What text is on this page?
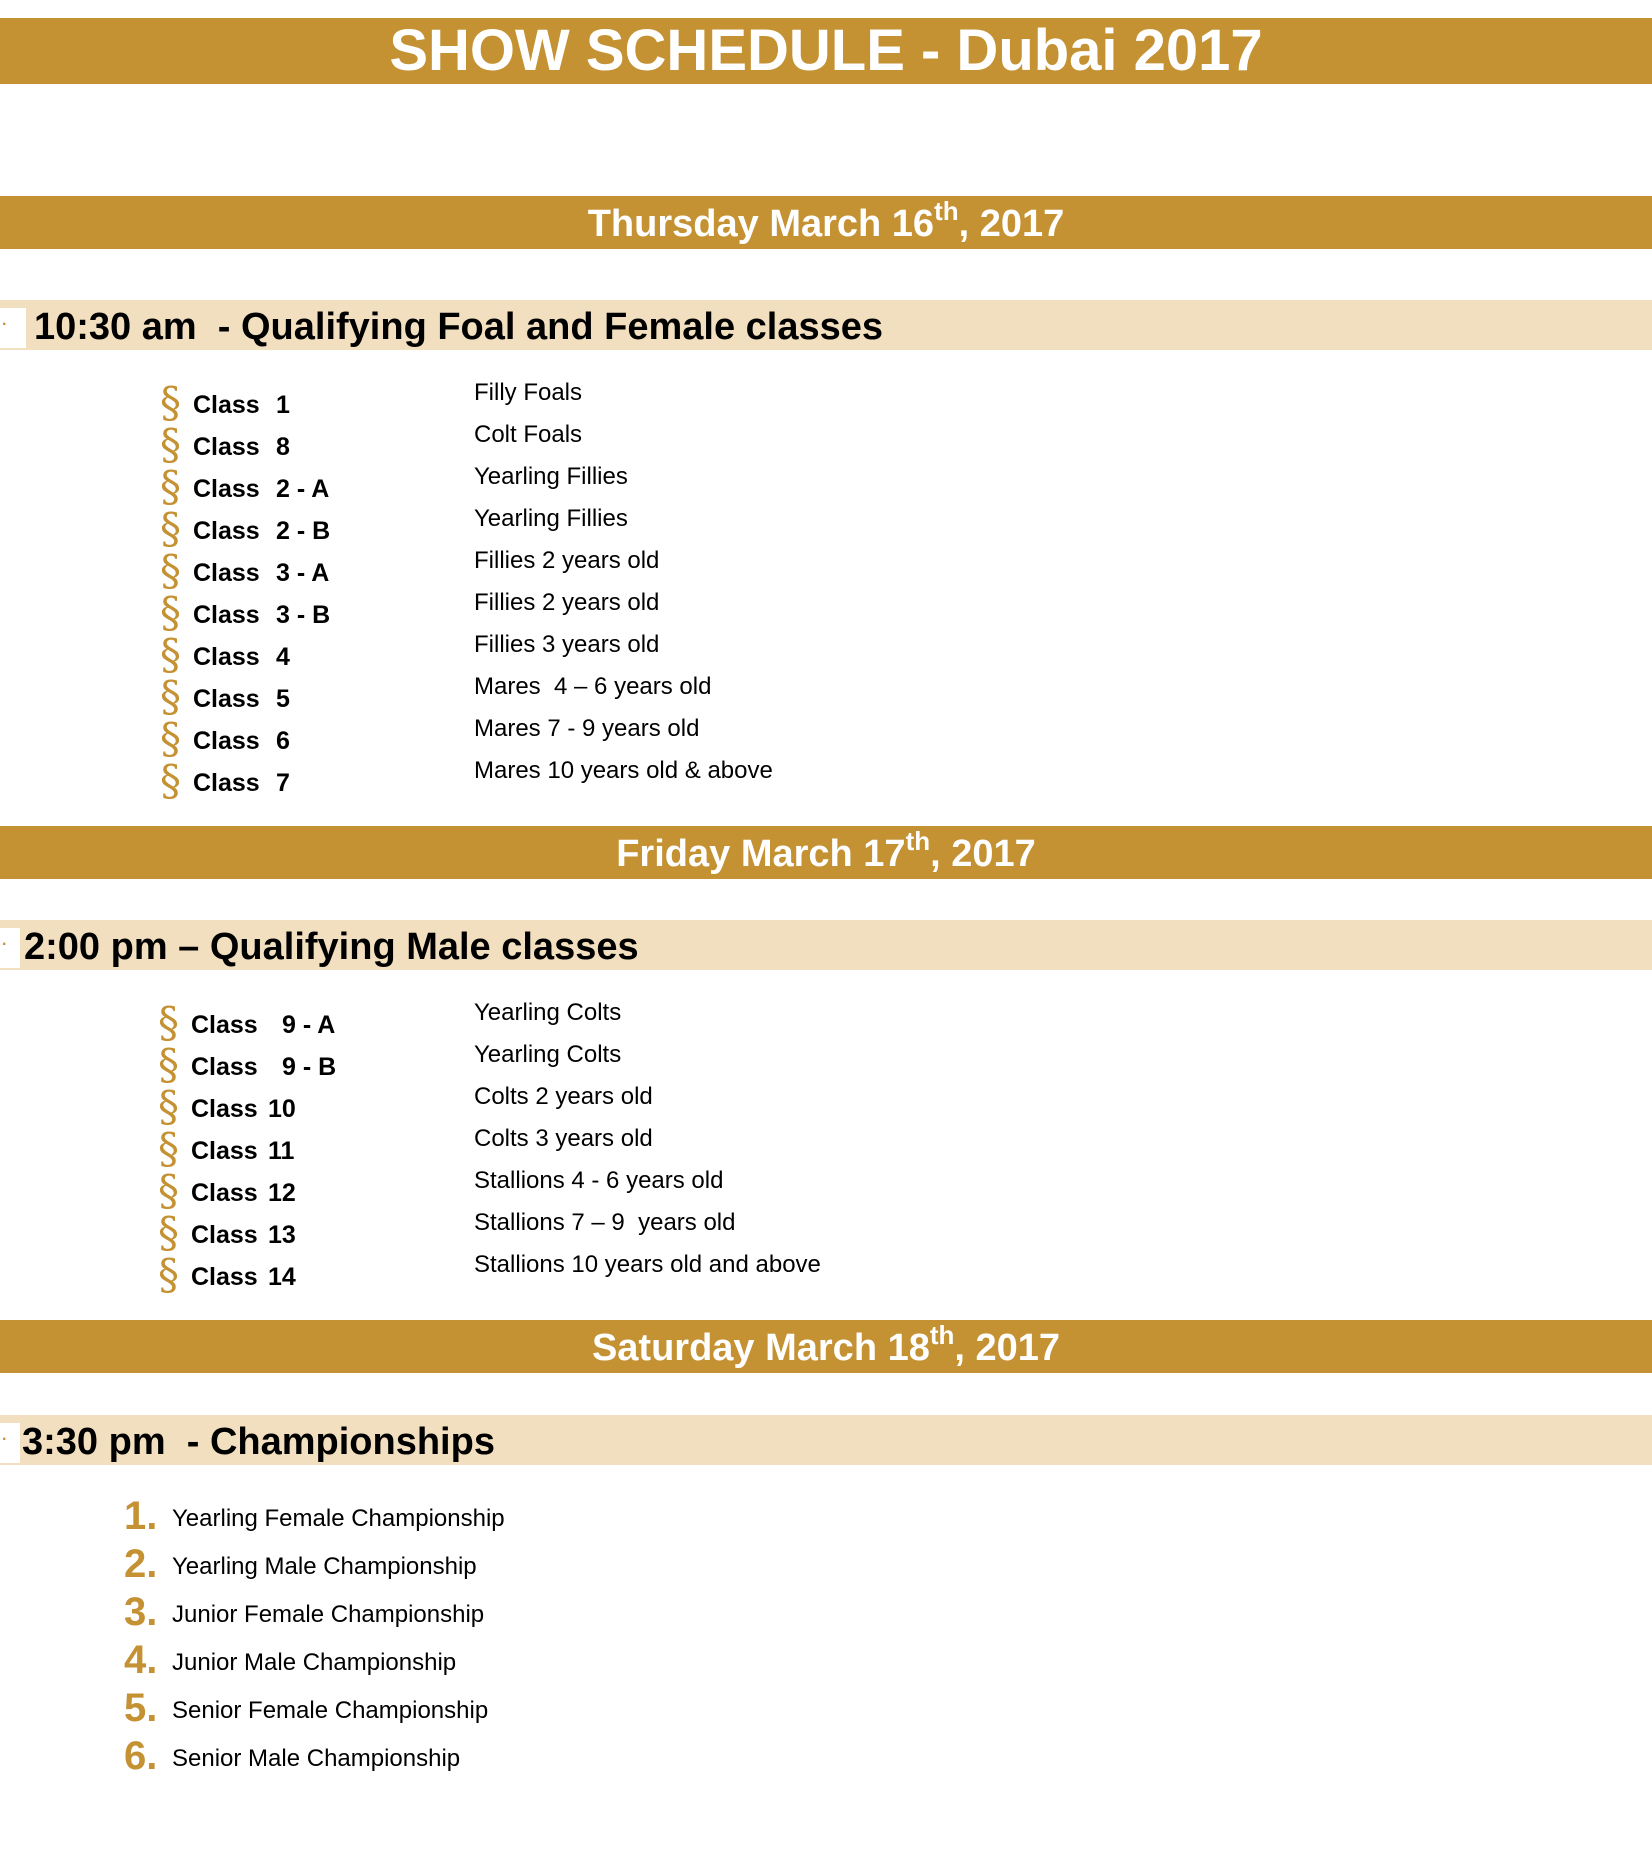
SHOW SCHEDULE - Dubai 2017
Thursday March 16th, 2017
· 10:30 am  - Qualifying Foal and Female classes
§ Class 1	Filly Foals
§ Class 8	Colt Foals
§ Class 2 - A	Yearling Fillies
§ Class 2 - B	Yearling Fillies
§ Class 3 - A	Fillies 2 years old
§ Class 3 - B	Fillies 2 years old
§ Class 4	Fillies 3 years old
§ Class 5	Mares  4 – 6 years old
§ Class 6	Mares 7 - 9 years old
§ Class 7	Mares 10 years old & above
Friday March 17th, 2017
· 2:00 pm – Qualifying Male classes
§ Class 9 - A	Yearling Colts
§ Class 9 - B	Yearling Colts
§ Class 10	Colts 2 years old
§ Class 11	Colts 3 years old
§ Class 12	Stallions 4 - 6 years old
§ Class 13	Stallions 7 – 9  years old
§ Class 14	Stallions 10 years old and above
Saturday March 18th, 2017
· 3:30 pm  - Championships
1. Yearling Female Championship
2. Yearling Male Championship
3. Junior Female Championship
4. Junior Male Championship
5. Senior Female Championship
6. Senior Male Championship
